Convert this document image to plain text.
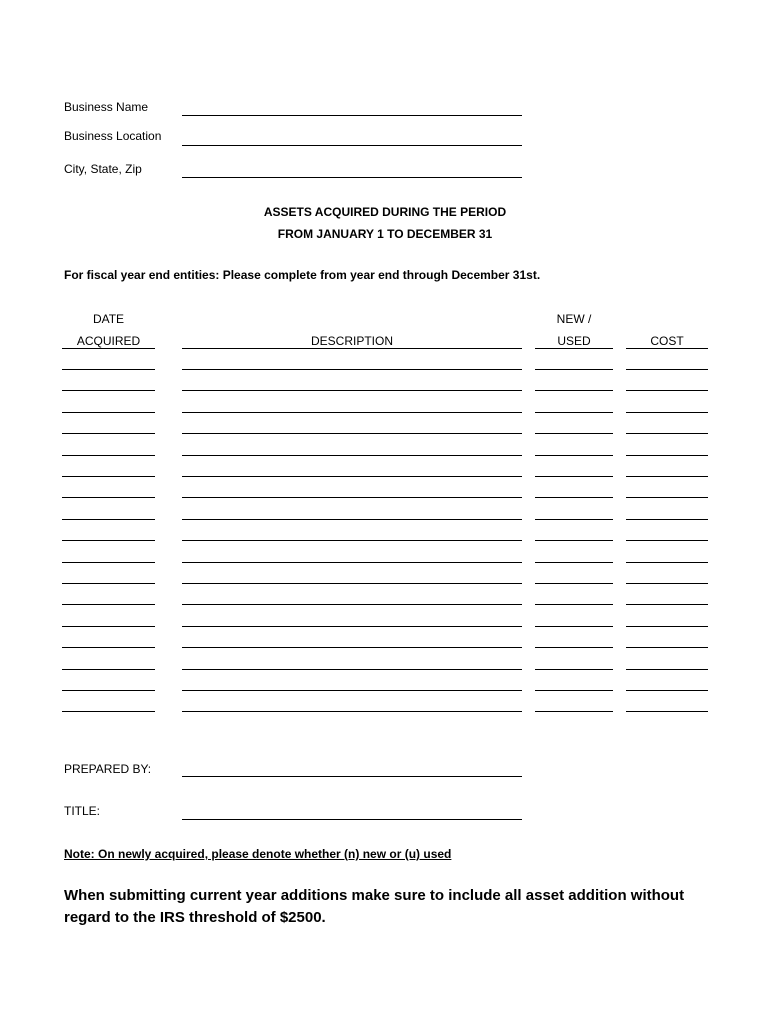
Business Name
Business Location
City, State, Zip
ASSETS ACQUIRED DURING THE PERIOD
FROM JANUARY 1 TO DECEMBER 31
For fiscal year end entities: Please complete from year end through December 31st.
DATE
ACQUIRED	DESCRIPTION
NEW /
USED	COST
PREPARED BY:
TITLE:
Note: On newly acquired, please denote whether (n) new or (u) used
When submitting current year additions make sure to include all asset addition without regard to the IRS threshold of $2500.
